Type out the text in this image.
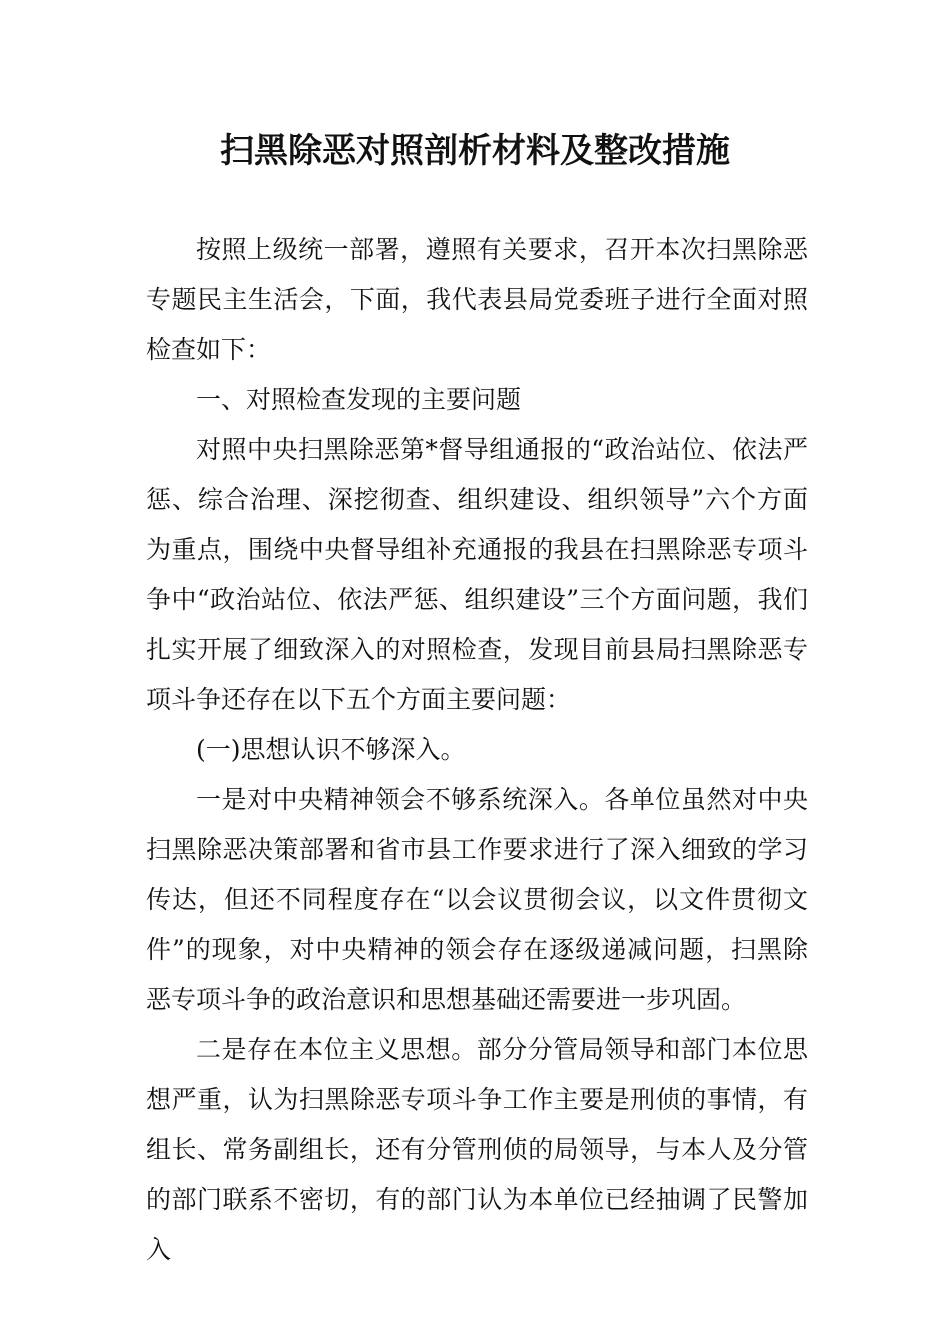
扫黑除恶对照剖析材料及整改措施

按照上级统一部署，遵照有关要求，召开本次扫黑除恶专题民主生活会，下面，我代表县局党委班子进行全面对照检查如下：

一、对照检查发现的主要问题

对照中央扫黑除恶第*督导组通报的“政治站位、依法严惩、综合治理、深挖彻查、组织建设、组织领导”六个方面为重点，围绕中央督导组补充通报的我县在扫黑除恶专项斗争中“政治站位、依法严惩、组织建设”三个方面问题，我们扎实开展了细致深入的对照检查，发现目前县局扫黑除恶专项斗争还存在以下五个方面主要问题：

(一)思想认识不够深入。

一是对中央精神领会不够系统深入。各单位虽然对中央扫黑除恶决策部署和省市县工作要求进行了深入细致的学习传达，但还不同程度存在“以会议贯彻会议，以文件贯彻文件”的现象，对中央精神的领会存在逐级递减问题，扫黑除恶专项斗争的政治意识和思想基础还需要进一步巩固。

二是存在本位主义思想。部分分管局领导和部门本位思想严重，认为扫黑除恶专项斗争工作主要是刑侦的事情，有组长、常务副组长，还有分管刑侦的局领导，与本人及分管的部门联系不密切，有的部门认为本单位已经抽调了民警加入
